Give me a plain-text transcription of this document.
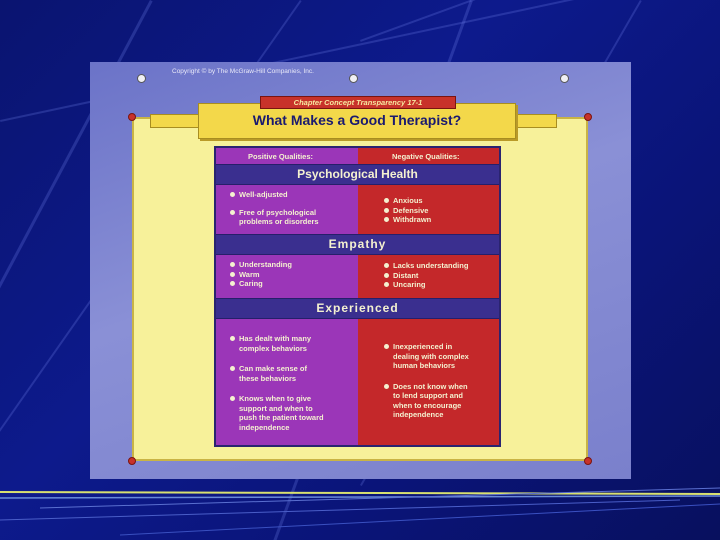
Copyright © by The McGraw-Hill Companies, Inc.
Chapter Concept Transparency 17-1
What Makes a Good Therapist?
Positive Qualities:	Negative Qualities:
Psychological Health
Well-adjusted
Free of psychological
problems or disorders
Anxious
Defensive
Withdrawn
Empathy
Understanding
Warm
Caring
Lacks understanding
Distant
Uncaring
Experienced
Has dealt with many
complex behaviors
Can make sense of
these behaviors
Knows when to give
support and when to
push the patient toward
independence
Inexperienced in
dealing with complex
human behaviors
Does not know when
to lend support and
when to encourage
independence
